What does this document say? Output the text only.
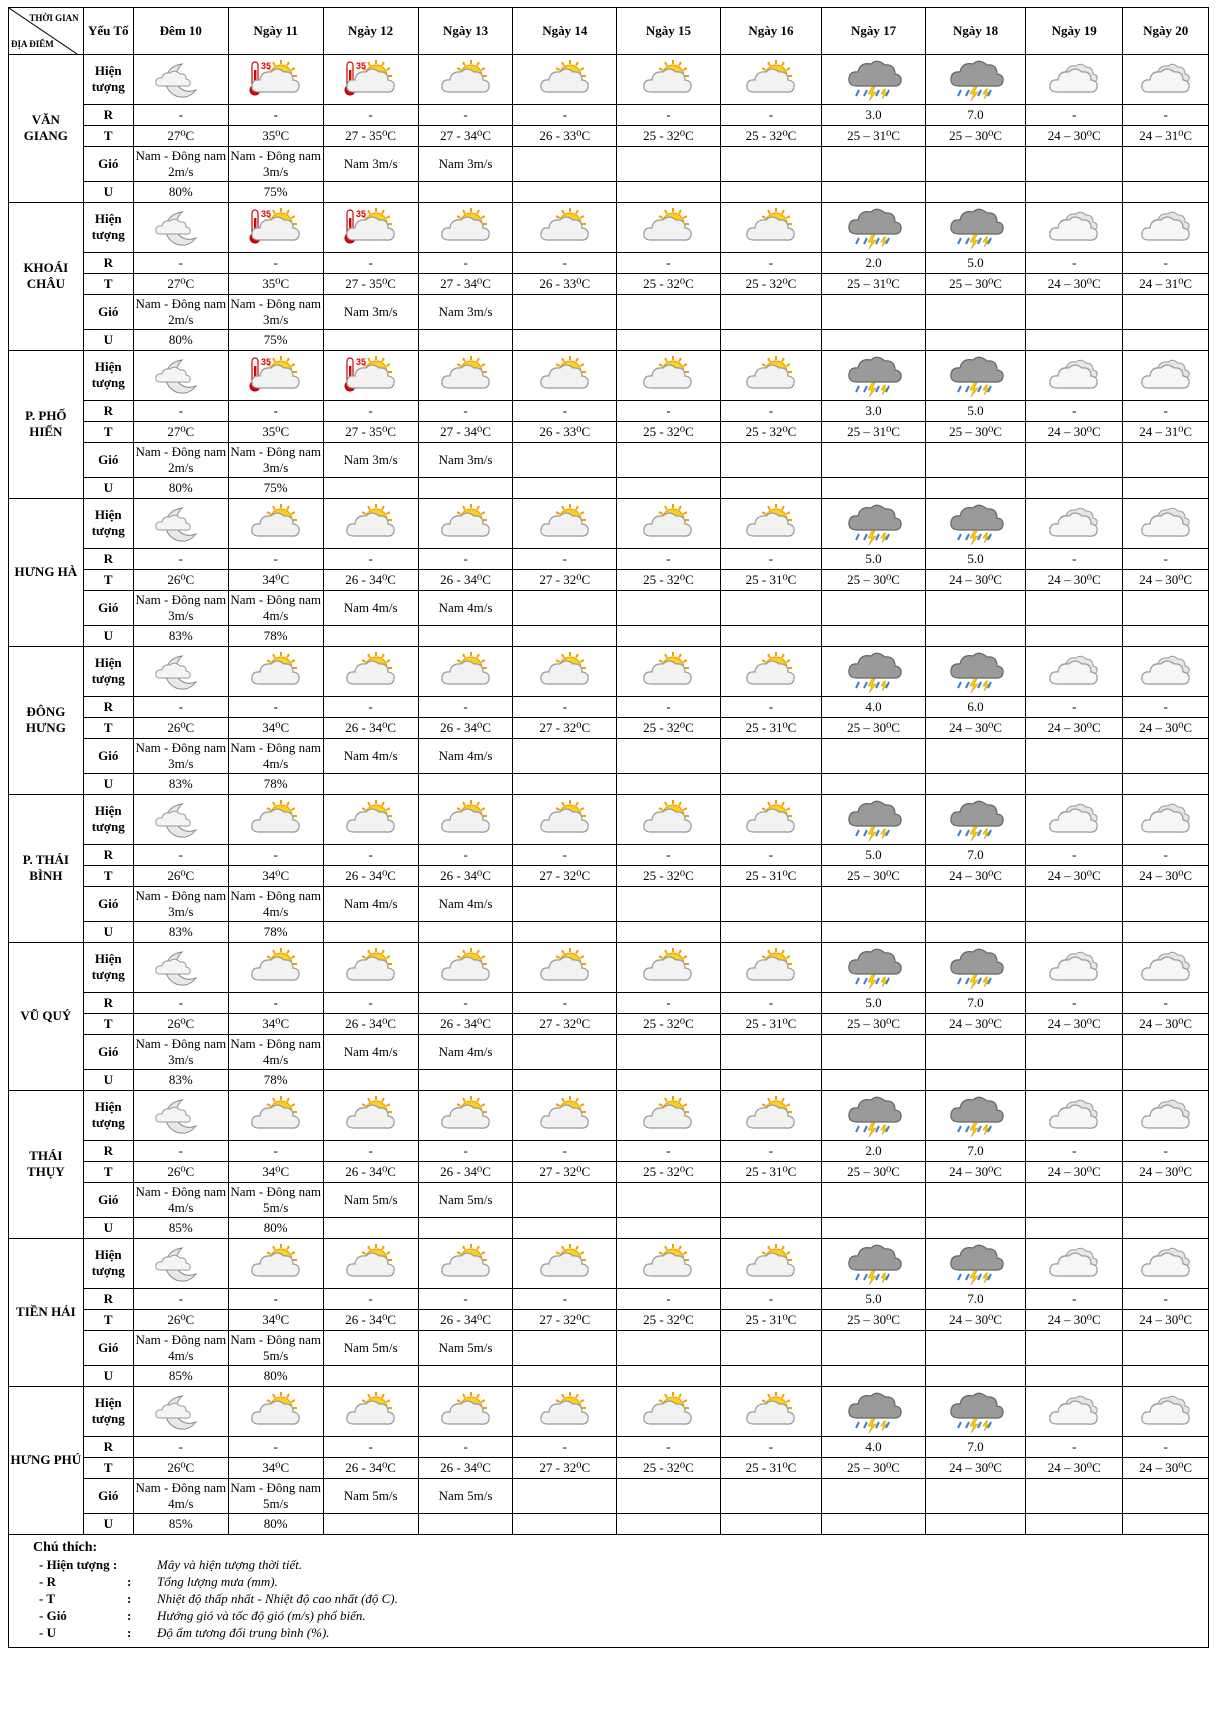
THỜI GIAN
ĐỊA ĐIỂM	Yếu Tố	Đêm 10	Ngày 11	Ngày 12	Ngày 13	Ngày 14	Ngày 15	Ngày 16	Ngày 17	Ngày 18	Ngày 19	Ngày 20
VĂN GIANG	Hiện tượng		35	35

	R	-	-	-	-	-	-	-	3.0	7.0	-	-
	T	27⁰C	35⁰C	27 - 35⁰C	27 - 34⁰C	26 - 33⁰C	25 - 32⁰C	25 - 32⁰C	25 – 31⁰C	25 – 30⁰C	24 – 30⁰C	24 – 31⁰C
	Gió	Nam - Đông nam 2m/s	Nam - Đông nam 3m/s	Nam 3m/s	Nam 3m/s							
	U	80%	75%									
KHOÁI CHÂU	Hiện tượng		35	35

	R	-	-	-	-	-	-	-	2.0	5.0	-	-
	T	27⁰C	35⁰C	27 - 35⁰C	27 - 34⁰C	26 - 33⁰C	25 - 32⁰C	25 - 32⁰C	25 – 31⁰C	25 – 30⁰C	24 – 30⁰C	24 – 31⁰C
	Gió	Nam - Đông nam 2m/s	Nam - Đông nam 3m/s	Nam 3m/s	Nam 3m/s							
	U	80%	75%									
P. PHỐ HIẾN	Hiện tượng		35	35

	R	-	-	-	-	-	-	-	3.0	5.0	-	-
	T	27⁰C	35⁰C	27 - 35⁰C	27 - 34⁰C	26 - 33⁰C	25 - 32⁰C	25 - 32⁰C	25 – 31⁰C	25 – 30⁰C	24 – 30⁰C	24 – 31⁰C
	Gió	Nam - Đông nam 2m/s	Nam - Đông nam 3m/s	Nam 3m/s	Nam 3m/s							
	U	80%	75%									
HƯNG HÀ	Hiện tượng	

	R	-	-	-	-	-	-	-	5.0	5.0	-	-
	T	26⁰C	34⁰C	26 - 34⁰C	26 - 34⁰C	27 - 32⁰C	25 - 32⁰C	25 - 31⁰C	25 – 30⁰C	24 – 30⁰C	24 – 30⁰C	24 – 30⁰C
	Gió	Nam - Đông nam 3m/s	Nam - Đông nam 4m/s	Nam 4m/s	Nam 4m/s							
	U	83%	78%									
ĐÔNG HƯNG	Hiện tượng	

	R	-	-	-	-	-	-	-	4.0	6.0	-	-
	T	26⁰C	34⁰C	26 - 34⁰C	26 - 34⁰C	27 - 32⁰C	25 - 32⁰C	25 - 31⁰C	25 – 30⁰C	24 – 30⁰C	24 – 30⁰C	24 – 30⁰C
	Gió	Nam - Đông nam 3m/s	Nam - Đông nam 4m/s	Nam 4m/s	Nam 4m/s							
	U	83%	78%									
P. THÁI BÌNH	Hiện tượng	

	R	-	-	-	-	-	-	-	5.0	7.0	-	-
	T	26⁰C	34⁰C	26 - 34⁰C	26 - 34⁰C	27 - 32⁰C	25 - 32⁰C	25 - 31⁰C	25 – 30⁰C	24 – 30⁰C	24 – 30⁰C	24 – 30⁰C
	Gió	Nam - Đông nam 3m/s	Nam - Đông nam 4m/s	Nam 4m/s	Nam 4m/s							
	U	83%	78%									
VŨ QUÝ	Hiện tượng	

	R	-	-	-	-	-	-	-	5.0	7.0	-	-
	T	26⁰C	34⁰C	26 - 34⁰C	26 - 34⁰C	27 - 32⁰C	25 - 32⁰C	25 - 31⁰C	25 – 30⁰C	24 – 30⁰C	24 – 30⁰C	24 – 30⁰C
	Gió	Nam - Đông nam 3m/s	Nam - Đông nam 4m/s	Nam 4m/s	Nam 4m/s							
	U	83%	78%									
THÁI THỤY	Hiện tượng	

	R	-	-	-	-	-	-	-	2.0	7.0	-	-
	T	26⁰C	34⁰C	26 - 34⁰C	26 - 34⁰C	27 - 32⁰C	25 - 32⁰C	25 - 31⁰C	25 – 30⁰C	24 – 30⁰C	24 – 30⁰C	24 – 30⁰C
	Gió	Nam - Đông nam 4m/s	Nam - Đông nam 5m/s	Nam 5m/s	Nam 5m/s							
	U	85%	80%									
TIỀN HẢI	Hiện tượng	

	R	-	-	-	-	-	-	-	5.0	7.0	-	-
	T	26⁰C	34⁰C	26 - 34⁰C	26 - 34⁰C	27 - 32⁰C	25 - 32⁰C	25 - 31⁰C	25 – 30⁰C	24 – 30⁰C	24 – 30⁰C	24 – 30⁰C
	Gió	Nam - Đông nam 4m/s	Nam - Đông nam 5m/s	Nam 5m/s	Nam 5m/s							
	U	85%	80%									
HƯNG PHÚ	Hiện tượng	

	R	-	-	-	-	-	-	-	4.0	7.0	-	-
	T	26⁰C	34⁰C	26 - 34⁰C	26 - 34⁰C	27 - 32⁰C	25 - 32⁰C	25 - 31⁰C	25 – 30⁰C	24 – 30⁰C	24 – 30⁰C	24 – 30⁰C
	Gió	Nam - Đông nam 4m/s	Nam - Đông nam 5m/s	Nam 5m/s	Nam 5m/s							
	U	85%	80%									
Chú thích:
- Hiện tượng :	Mây và hiện tượng thời tiết.
- R	:	Tổng lượng mưa (mm).
- T	:	Nhiệt độ thấp nhất - Nhiệt độ cao nhất (độ C).
- Gió	:	Hướng gió và tốc độ gió (m/s) phổ biến.
- U	:	Độ ẩm tương đối trung bình (%).
